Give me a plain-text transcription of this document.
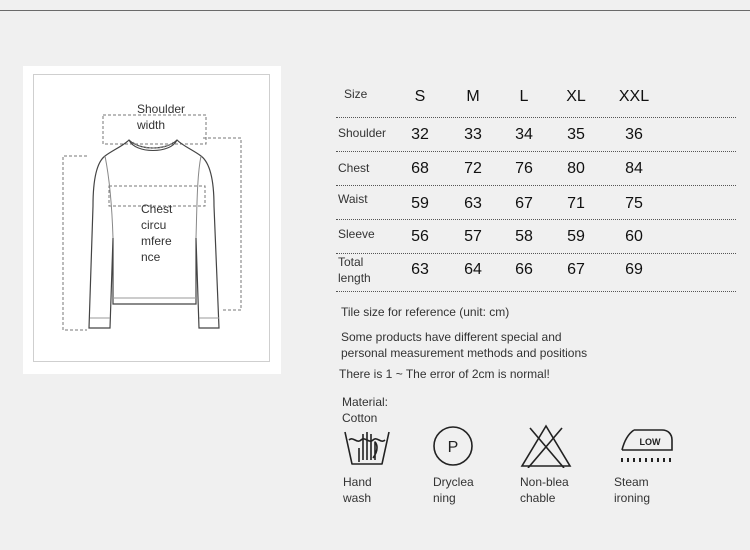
Shoulder
width
Chest
circu
mfere
nce
Size	S	M	L	XL	XXL
Shoulder	32	33	34	35	36
Chest	68	72	76	80	84
Waist	59	63	67	71	75
Sleeve	56	57	58	59	60
Total
length	63	64	66	67	69
Tile size for reference (unit: cm)
Some products have different special and
personal measurement methods and positions
There is 1 ~ The error of 2cm is normal!
Material:
Cotton
Hand
wash
P
Dryclea
ning
Non-blea
chable
LOW
Steam
ironing
